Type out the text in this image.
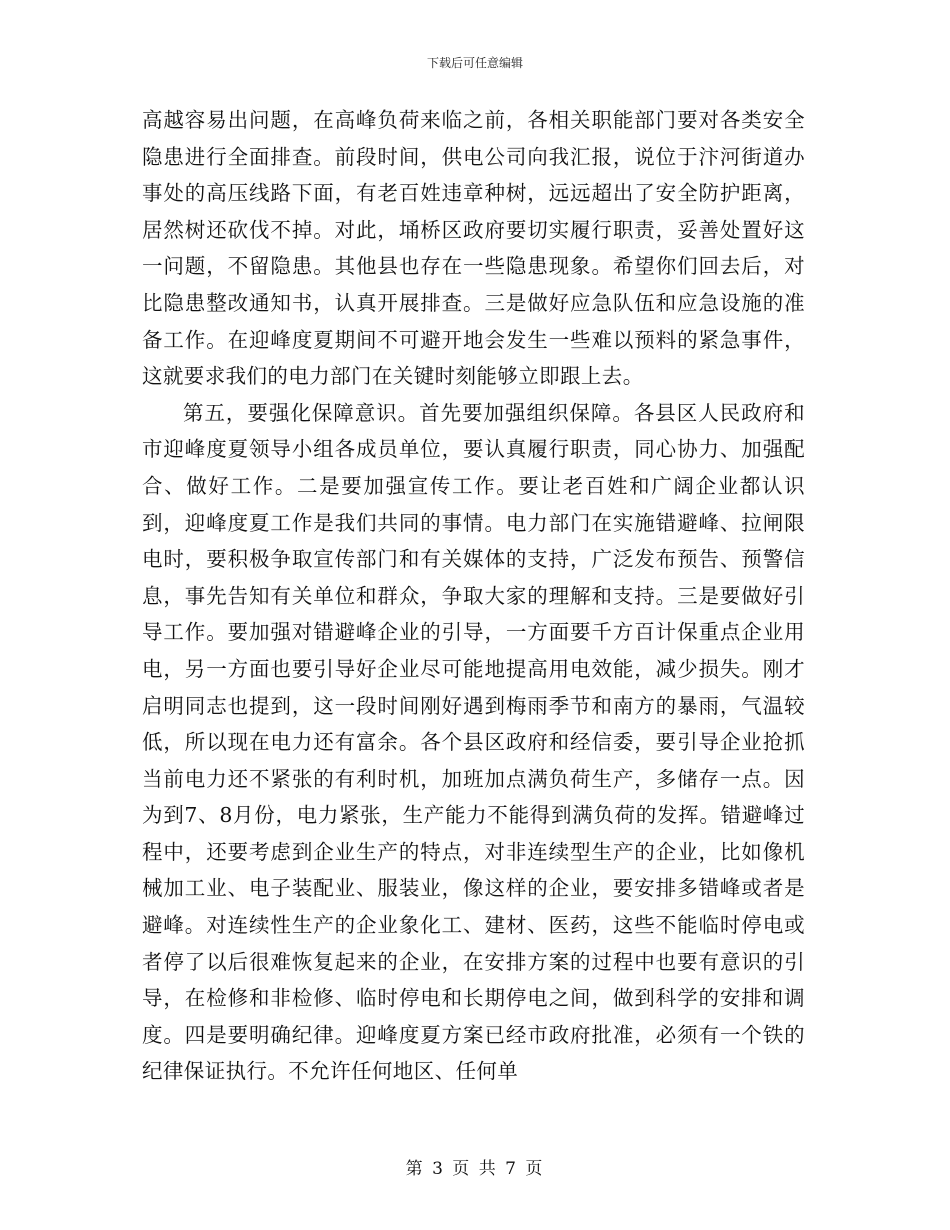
下载后可任意编辑

高越容易出问题，在高峰负荷来临之前，各相关职能部门要对各类安全隐患进行全面排查。前段时间，供电公司向我汇报，说位于汴河街道办事处的高压线路下面，有老百姓违章种树，远远超出了安全防护距离，居然树还砍伐不掉。对此，埇桥区政府要切实履行职责，妥善处置好这一问题，不留隐患。其他县也存在一些隐患现象。希望你们回去后，对比隐患整改通知书，认真开展排查。三是做好应急队伍和应急设施的准备工作。在迎峰度夏期间不可避开地会发生一些难以预料的紧急事件，这就要求我们的电力部门在关键时刻能够立即跟上去。

第五，要强化保障意识。首先要加强组织保障。各县区人民政府和市迎峰度夏领导小组各成员单位，要认真履行职责，同心协力、加强配合、做好工作。二是要加强宣传工作。要让老百姓和广阔企业都认识到，迎峰度夏工作是我们共同的事情。电力部门在实施错避峰、拉闸限电时，要积极争取宣传部门和有关媒体的支持，广泛发布预告、预警信息，事先告知有关单位和群众，争取大家的理解和支持。三是要做好引导工作。要加强对错避峰企业的引导，一方面要千方百计保重点企业用电，另一方面也要引导好企业尽可能地提高用电效能，减少损失。刚才启明同志也提到，这一段时间刚好遇到梅雨季节和南方的暴雨，气温较低，所以现在电力还有富余。各个县区政府和经信委，要引导企业抢抓当前电力还不紧张的有利时机，加班加点满负荷生产，多储存一点。因为到7、8月份，电力紧张，生产能力不能得到满负荷的发挥。错避峰过程中，还要考虑到企业生产的特点，对非连续型生产的企业，比如像机械加工业、电子装配业、服装业，像这样的企业，要安排多错峰或者是避峰。对连续性生产的企业象化工、建材、医药，这些不能临时停电或者停了以后很难恢复起来的企业，在安排方案的过程中也要有意识的引导，在检修和非检修、临时停电和长期停电之间，做到科学的安排和调度。四是要明确纪律。迎峰度夏方案已经市政府批准，必须有一个铁的纪律保证执行。不允许任何地区、任何单

第 3 页 共 7 页
